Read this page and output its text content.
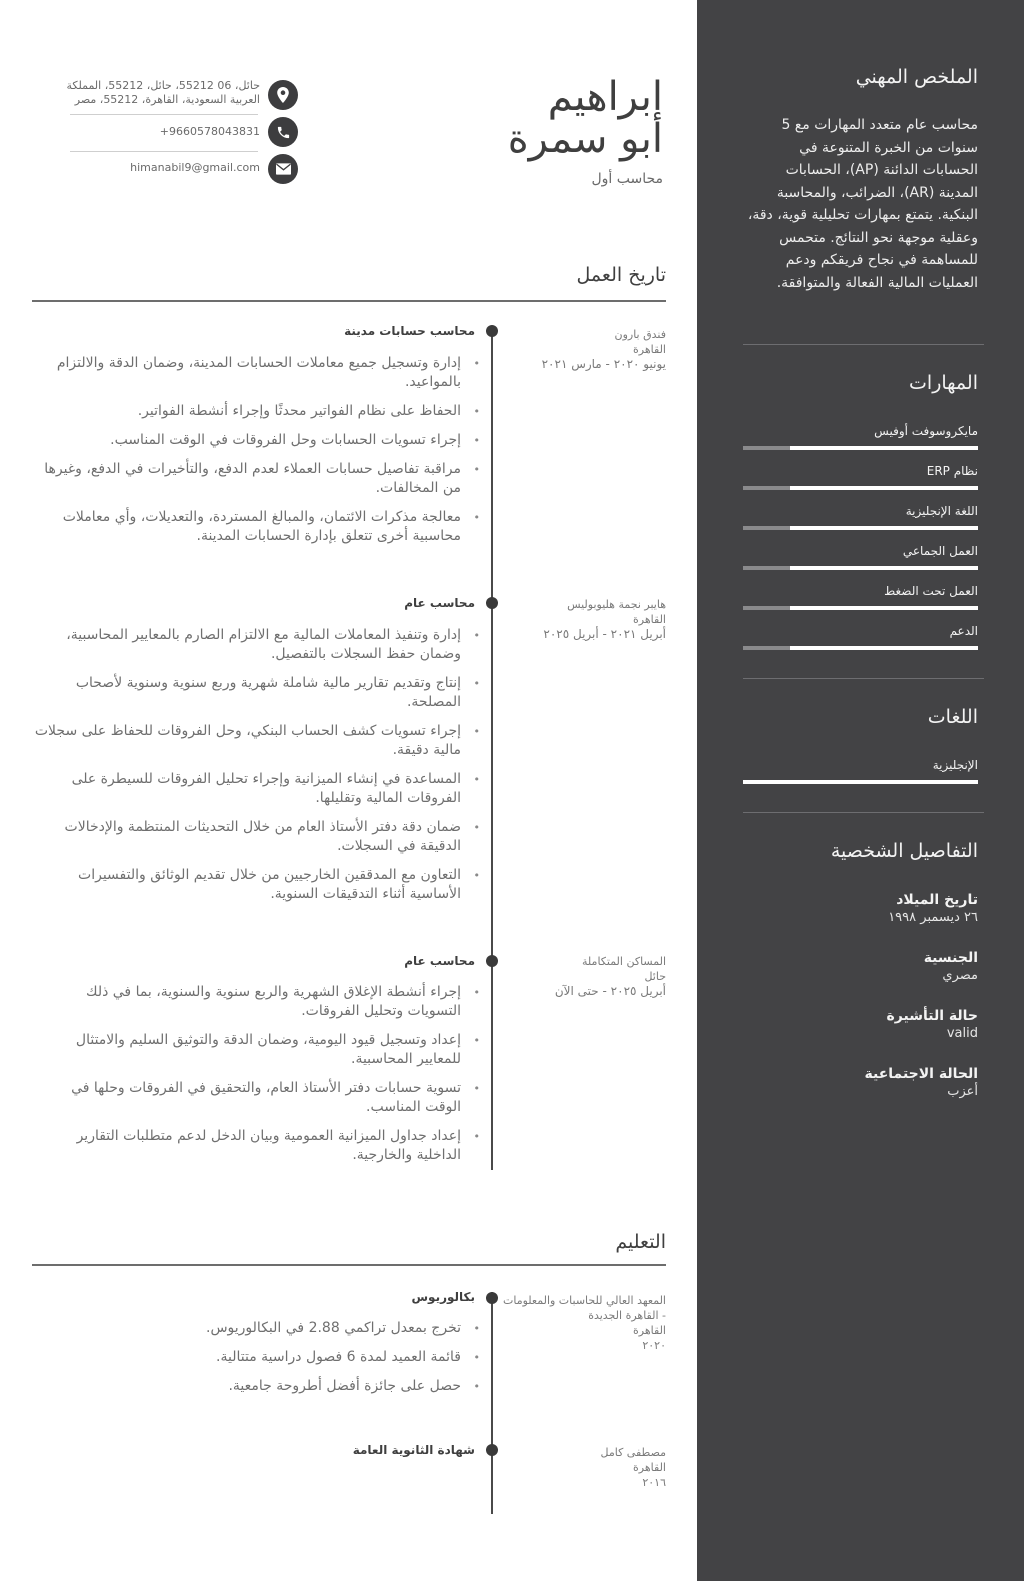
الملخص المهني

محاسب عام متعدد المهارات مع 5 سنوات من الخبرة المتنوعة في الحسابات الدائنة (AP)، الحسابات المدينة (AR)، الضرائب، والمحاسبة البنكية. يتمتع بمهارات تحليلية قوية، دقة، وعقلية موجهة نحو النتائج. متحمس للمساهمة في نجاح فريقكم ودعم العمليات المالية الفعالة والمتوافقة.

المهارات
مايكروسوفت أوفيس
نظام ERP
اللغة الإنجليزية
العمل الجماعي
العمل تحت الضغط
الدعم
اللغات
الإنجليزية
التفاصيل الشخصية
تاريخ الميلاد
٢٦ ديسمبر ١٩٩٨
الجنسية
مصري
حالة التأشيرة
valid
الحالة الاجتماعية
أعزب
ابراهيم
أبو سمرة
محاسب أول
حائل، 06 55212، حائل، 55212، المملكة
العربية السعودية، القاهرة، 55212، مصر
9660578043831+
himanabil9@gmail.com
تاريخ العمل
فندق بارون
القاهرة
يونيو ٢٠٢٠ - مارس ٢٠٢١
محاسب حسابات مدينة
• إدارة وتسجيل جميع معاملات الحسابات المدينة، وضمان الدقة والالتزام بالمواعيد.
• الحفاظ على نظام الفواتير محدثًا وإجراء أنشطة الفواتير.
• إجراء تسويات الحسابات وحل الفروقات في الوقت المناسب.
• مراقبة تفاصيل حسابات العملاء لعدم الدفع، والتأخيرات في الدفع، وغيرها من المخالفات.
• معالجة مذكرات الائتمان، والمبالغ المستردة، والتعديلات، وأي معاملات محاسبية أخرى تتعلق بإدارة الحسابات المدينة.
هايبر نجمة هليوبوليس
القاهرة
أبريل ٢٠٢١ - أبريل ٢٠٢٥
محاسب عام
• إدارة وتنفيذ المعاملات المالية مع الالتزام الصارم بالمعايير المحاسبية، وضمان حفظ السجلات بالتفصيل.
• إنتاج وتقديم تقارير مالية شاملة شهرية وربع سنوية وسنوية لأصحاب المصلحة.
• إجراء تسويات كشف الحساب البنكي، وحل الفروقات للحفاظ على سجلات مالية دقيقة.
• المساعدة في إنشاء الميزانية وإجراء تحليل الفروقات للسيطرة على الفروقات المالية وتقليلها.
• ضمان دقة دفتر الأستاذ العام من خلال التحديثات المنتظمة والإدخالات الدقيقة في السجلات.
• التعاون مع المدققين الخارجيين من خلال تقديم الوثائق والتفسيرات الأساسية أثناء التدقيقات السنوية.
المساكن المتكاملة
حائل
أبريل ٢٠٢٥ - حتى الآن
محاسب عام
• إجراء أنشطة الإغلاق الشهرية والربع سنوية والسنوية، بما في ذلك التسويات وتحليل الفروقات.
• إعداد وتسجيل قيود اليومية، وضمان الدقة والتوثيق السليم والامتثال للمعايير المحاسبية.
• تسوية حسابات دفتر الأستاذ العام، والتحقيق في الفروقات وحلها في الوقت المناسب.
• إعداد جداول الميزانية العمومية وبيان الدخل لدعم متطلبات التقارير الداخلية والخارجية.
التعليم
المعهد العالي للحاسبات والمعلومات
- القاهرة الجديدة
القاهرة
٢٠٢٠
بكالوريوس
• تخرج بمعدل تراكمي 2.88 في البكالوريوس.
• قائمة العميد لمدة 6 فصول دراسية متتالية.
• حصل على جائزة أفضل أطروحة جامعية.
مصطفى كامل
القاهرة
٢٠١٦
شهادة الثانوية العامة
